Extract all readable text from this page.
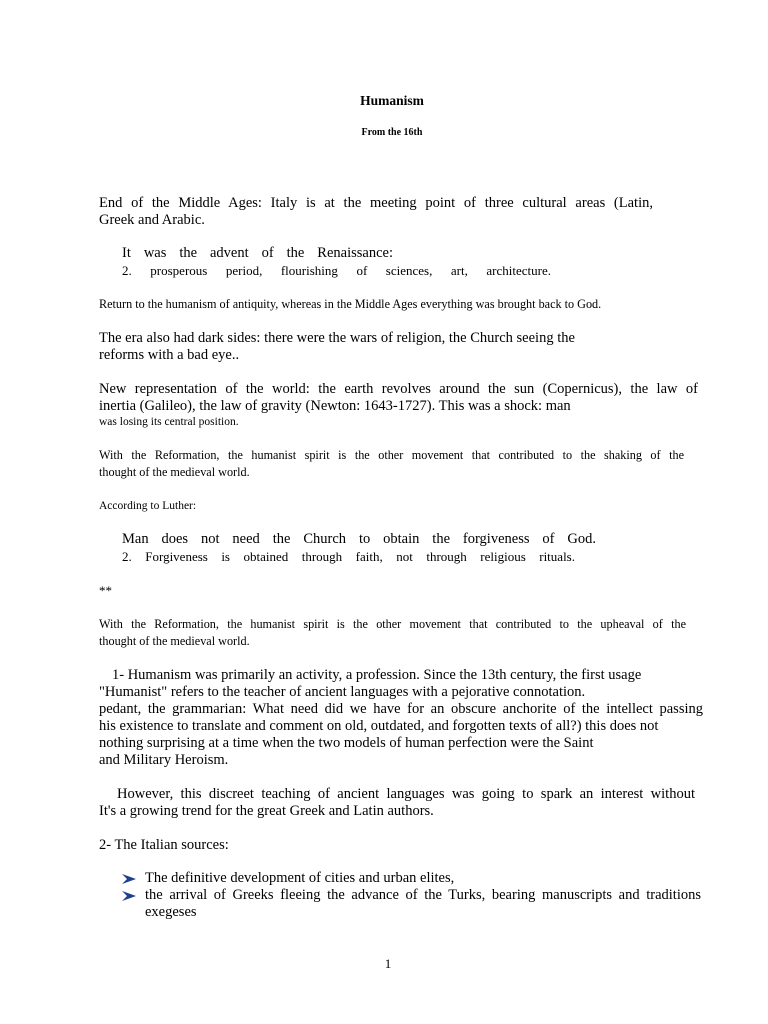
Humanism
From the 16th
End of the Middle Ages: Italy is at the meeting point of three cultural areas (Latin,
Greek and Arabic.
It was the advent of the Renaissance:
2. prosperous period, flourishing of sciences, art, architecture.
Return to the humanism of antiquity, whereas in the Middle Ages everything was brought back to God.
The era also had dark sides: there were the wars of religion, the Church seeing the
reforms with a bad eye..
New representation of the world: the earth revolves around the sun (Copernicus), the law of
inertia (Galileo), the law of gravity (Newton: 1643-1727). This was a shock: man
was losing its central position.
With the Reformation, the humanist spirit is the other movement that contributed to the shaking of the
thought of the medieval world.
According to Luther:
Man does not need the Church to obtain the forgiveness of God.
2. Forgiveness is obtained through faith, not through religious rituals.
**
With the Reformation, the humanist spirit is the other movement that contributed to the upheaval of the
thought of the medieval world.
1- Humanism was primarily an activity, a profession. Since the 13th century, the first usage
"Humanist" refers to the teacher of ancient languages with a pejorative connotation.
pedant, the grammarian: What need did we have for an obscure anchorite of the intellect passing
his existence to translate and comment on old, outdated, and forgotten texts of all?) this does not
nothing surprising at a time when the two models of human perfection were the Saint
and Military Heroism.
However, this discreet teaching of ancient languages was going to spark an interest without
It's a growing trend for the great Greek and Latin authors.
2- The Italian sources:
The definitive development of cities and urban elites,
the arrival of Greeks fleeing the advance of the Turks, bearing manuscripts and traditions
exegeses
1
